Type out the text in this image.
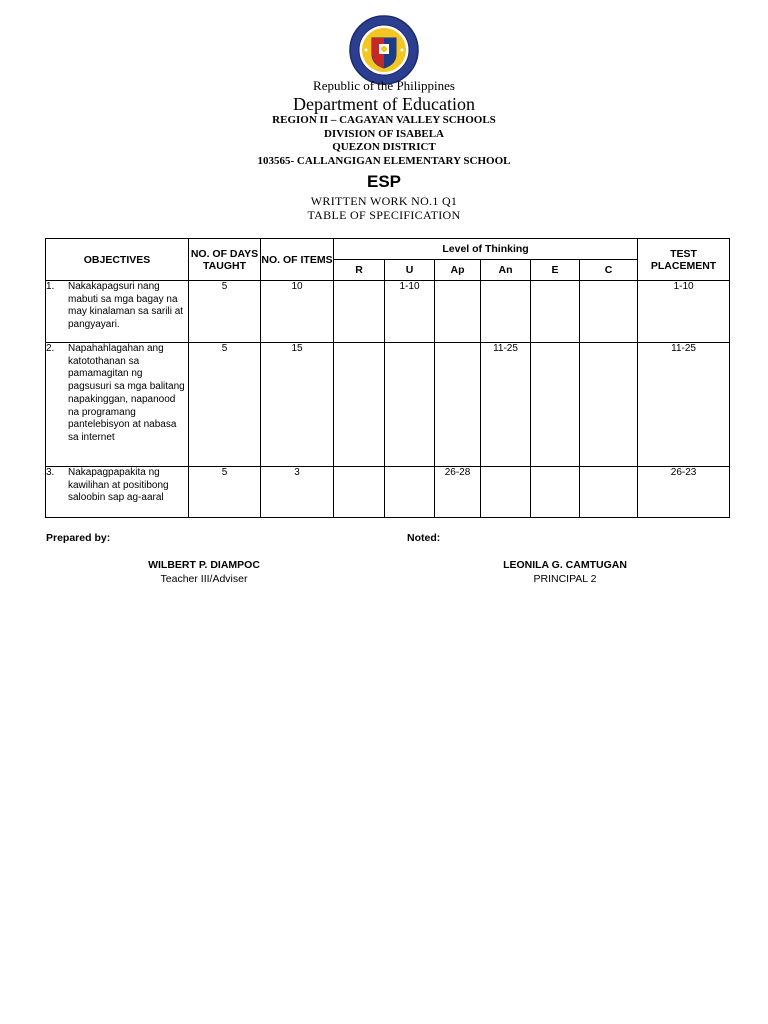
Republic of the Philippines
Department of Education
REGION II – CAGAYAN VALLEY SCHOOLS
DIVISION OF ISABELA
QUEZON DISTRICT
103565- CALLANGIGAN ELEMENTARY SCHOOL
ESP
WRITTEN WORK NO.1 Q1
TABLE OF SPECIFICATION
OBJECTIVES	NO. OF DAYS TAUGHT	NO. OF ITEMS	Level of Thinking						TEST PLACEMENT
			R	U	Ap	An	E	C	

1. Nakakapagsuri nang mabuti sa mga bagay na may kinalaman sa sarili at pangyayari.	5	10		1-10					1-10

2. Napahahlagahan ang katotothanan sa pamamagitan ng pagsusuri sa mga balitang napakinggan, napanood na programang pantelebisyon at nabasa sa internet	5	15				11-25			11-25

3. Nakapagpapakita ng kawilihan at positibong saloobin sap ag-aaral	5	3			26-28				26-23
Prepared by:	Noted:
WILBERT P. DIAMPOC
Teacher III/Adviser
LEONILA G. CAMTUGAN
PRINCIPAL 2
